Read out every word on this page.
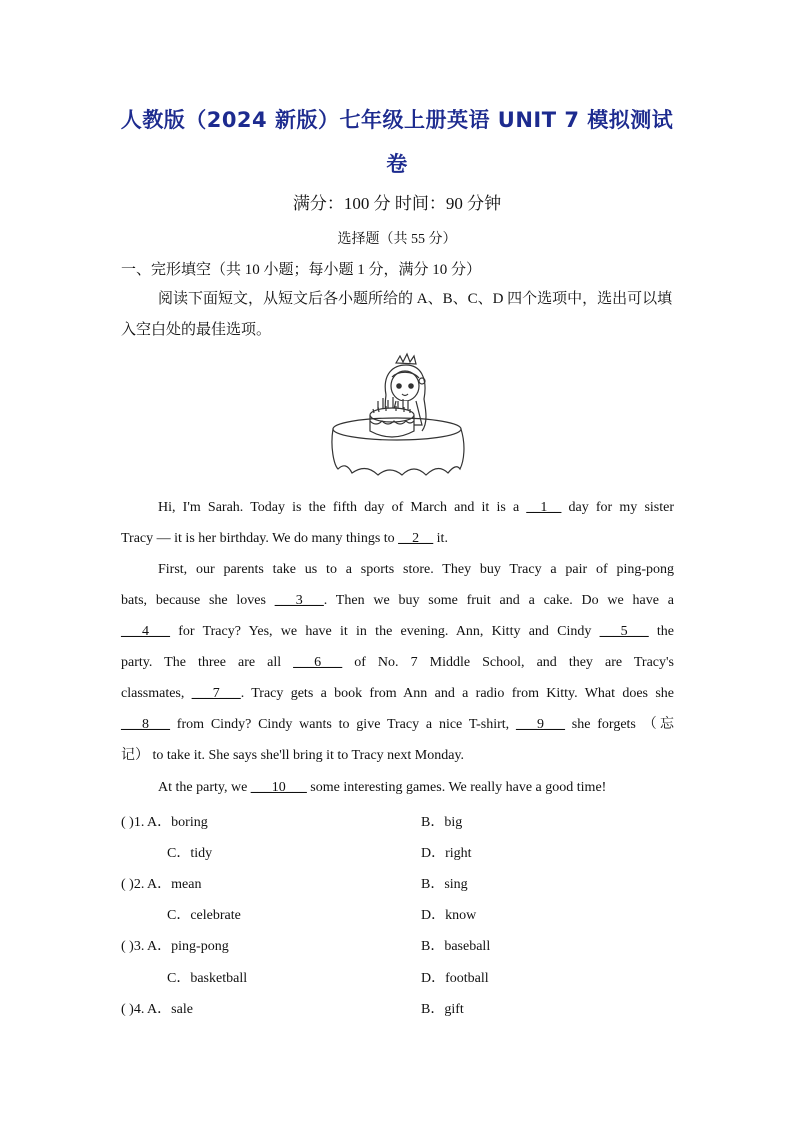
人教版（2024 新版）七年级上册英语 UNIT 7 模拟测试
卷
满分：100 分 时间：90 分钟
选择题（共 55 分）
一、完形填空（共 10 小题；每小题 1 分，满分 10 分）
阅读下面短文，从短文后各小题所给的 A、B、C、D 四个选项中，选出可以填入空白处的最佳选项。
Hi, I'm Sarah. Today is the fifth day of March and it is a __1__ day for my sister
Tracy — it is her birthday. We do many things to __2__ it.
First, our parents take us to a sports store. They buy Tracy a pair of ping-pong
bats, because she loves ___3___. Then we buy some fruit and a cake. Do we have a
___4___ for Tracy? Yes, we have it in the evening. Ann, Kitty and Cindy ___5___ the
party. The three are all ___6___ of No. 7 Middle School, and they are Tracy's
classmates, ___7___. Tracy gets a book from Ann and a radio from Kitty. What does she
___8___ from Cindy? Cindy wants to give Tracy a nice T-shirt, ___9___ she forgets （忘
记） to take it. She says she'll bring it to Tracy next Monday.
At the party, we ___10___ some interesting games. We really have a good time!
( )1. A．boring	B．big
C．tidy	D．right
( )2. A．mean	B．sing
C．celebrate	D．know
( )3. A．ping-pong	B．baseball
C．basketball	D．football
( )4. A．sale	B．gift
